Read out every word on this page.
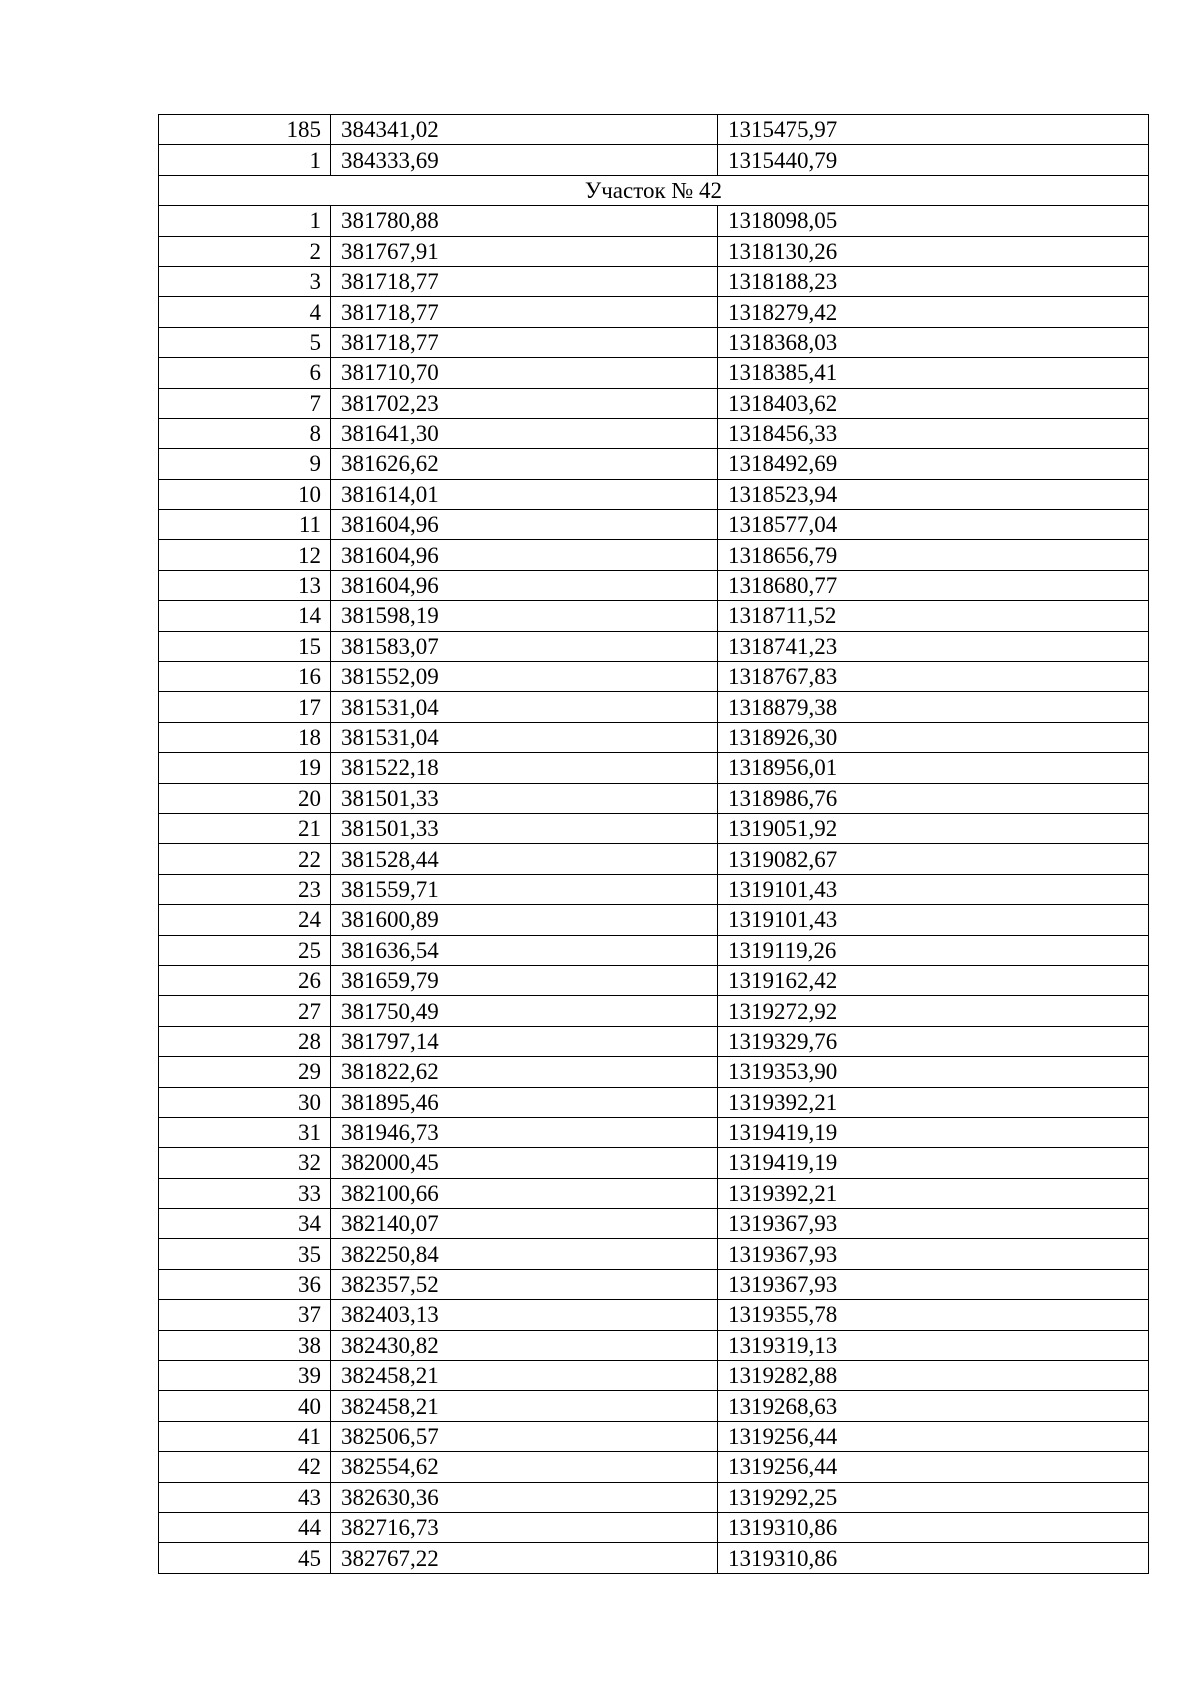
185	384341,02	1315475,97
1	384333,69	1315440,79
Участок № 42		
1	381780,88	1318098,05
2	381767,91	1318130,26
3	381718,77	1318188,23
4	381718,77	1318279,42
5	381718,77	1318368,03
6	381710,70	1318385,41
7	381702,23	1318403,62
8	381641,30	1318456,33
9	381626,62	1318492,69
10	381614,01	1318523,94
11	381604,96	1318577,04
12	381604,96	1318656,79
13	381604,96	1318680,77
14	381598,19	1318711,52
15	381583,07	1318741,23
16	381552,09	1318767,83
17	381531,04	1318879,38
18	381531,04	1318926,30
19	381522,18	1318956,01
20	381501,33	1318986,76
21	381501,33	1319051,92
22	381528,44	1319082,67
23	381559,71	1319101,43
24	381600,89	1319101,43
25	381636,54	1319119,26
26	381659,79	1319162,42
27	381750,49	1319272,92
28	381797,14	1319329,76
29	381822,62	1319353,90
30	381895,46	1319392,21
31	381946,73	1319419,19
32	382000,45	1319419,19
33	382100,66	1319392,21
34	382140,07	1319367,93
35	382250,84	1319367,93
36	382357,52	1319367,93
37	382403,13	1319355,78
38	382430,82	1319319,13
39	382458,21	1319282,88
40	382458,21	1319268,63
41	382506,57	1319256,44
42	382554,62	1319256,44
43	382630,36	1319292,25
44	382716,73	1319310,86
45	382767,22	1319310,86
